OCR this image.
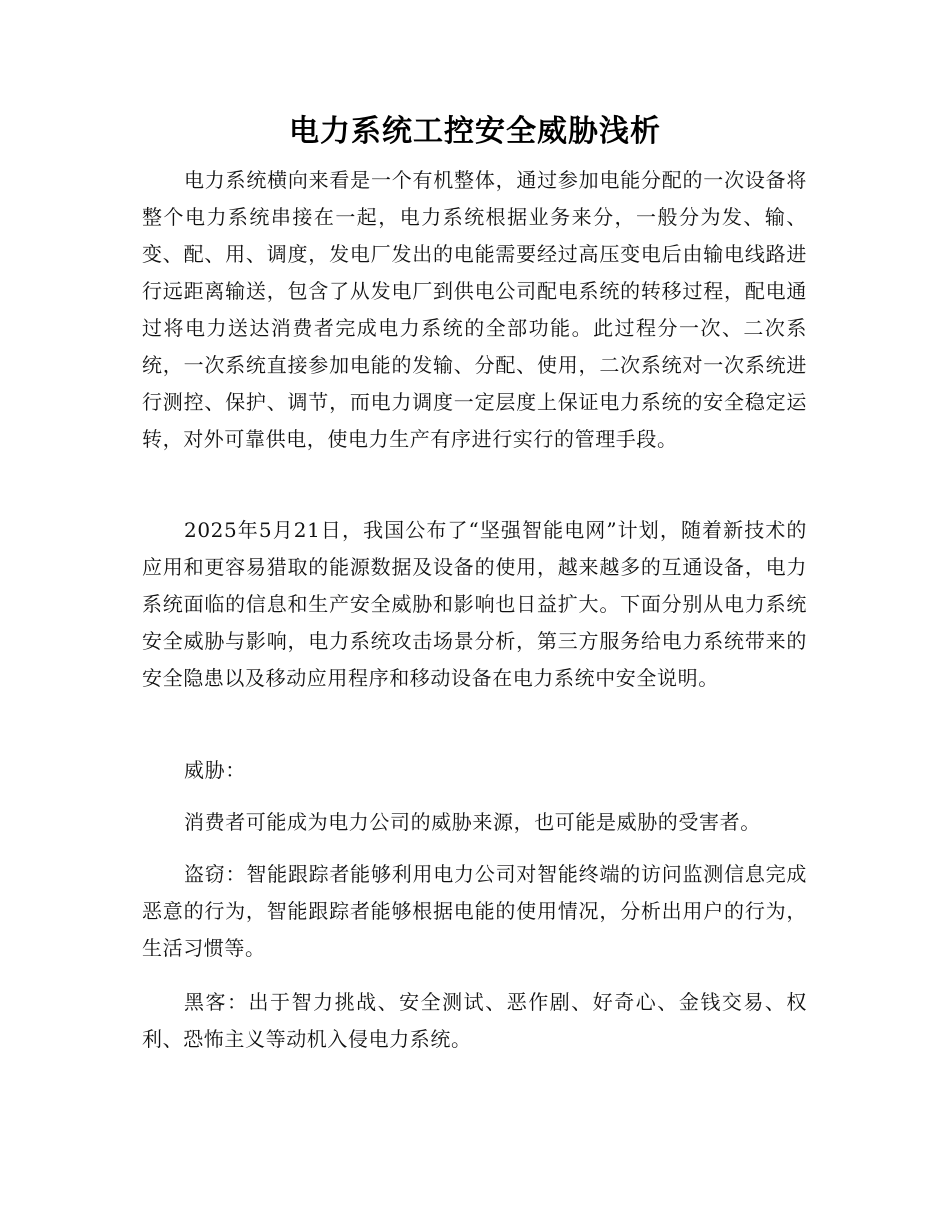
电力系统工控安全威胁浅析

电力系统横向来看是一个有机整体，通过参加电能分配的一次设备将整个电力系统串接在一起，电力系统根据业务来分，一般分为发、输、变、配、用、调度，发电厂发出的电能需要经过高压变电后由输电线路进行远距离输送，包含了从发电厂到供电公司配电系统的转移过程，配电通过将电力送达消费者完成电力系统的全部功能。此过程分一次、二次系统，一次系统直接参加电能的发输、分配、使用，二次系统对一次系统进行测控、保护、调节，而电力调度一定层度上保证电力系统的安全稳定运转，对外可靠供电，使电力生产有序进行实行的管理手段。

2025年5月21日，我国公布了“坚强智能电网”计划，随着新技术的应用和更容易猎取的能源数据及设备的使用，越来越多的互通设备，电力系统面临的信息和生产安全威胁和影响也日益扩大。下面分别从电力系统安全威胁与影响，电力系统攻击场景分析，第三方服务给电力系统带来的安全隐患以及移动应用程序和移动设备在电力系统中安全说明。

威胁：

消费者可能成为电力公司的威胁来源，也可能是威胁的受害者。

盗窃：智能跟踪者能够利用电力公司对智能终端的访问监测信息完成恶意的行为，智能跟踪者能够根据电能的使用情况，分析出用户的行为，生活习惯等。

黑客：出于智力挑战、安全测试、恶作剧、好奇心、金钱交易、权利、恐怖主义等动机入侵电力系统。
